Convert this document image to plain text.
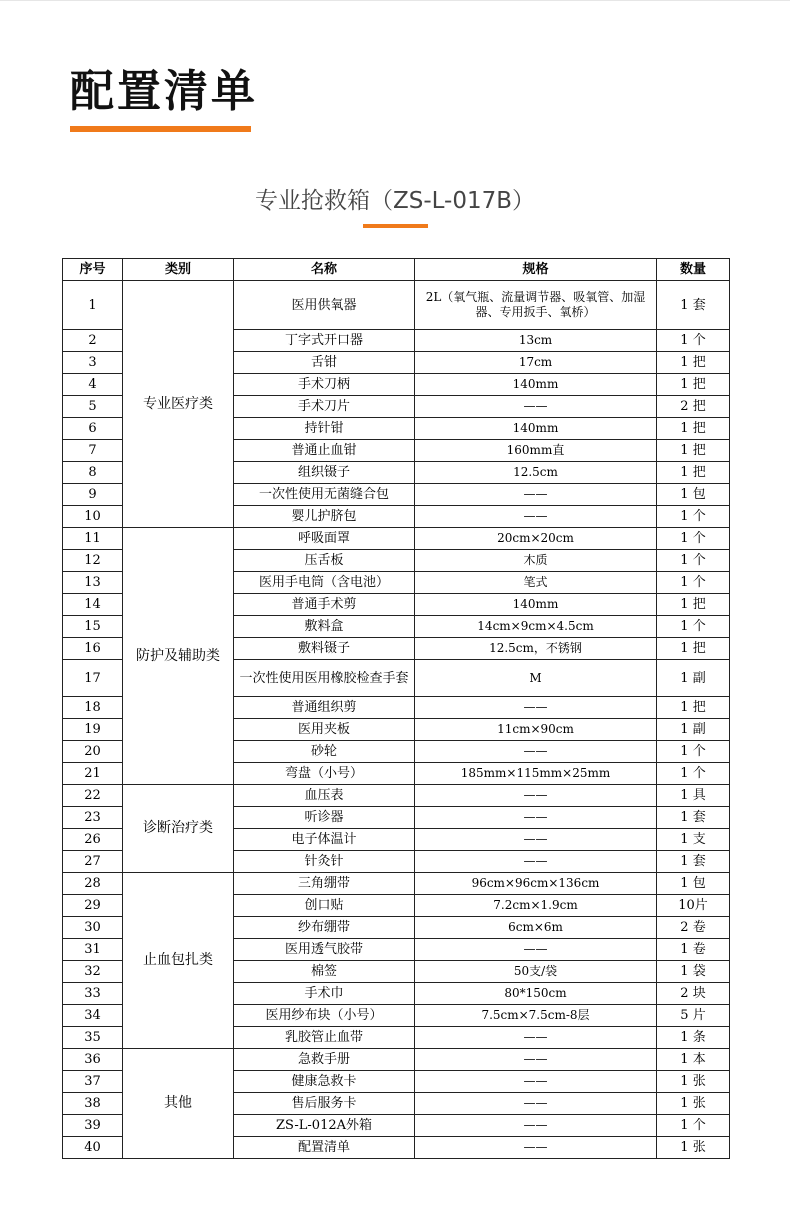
配置清单
专业抢救箱（ZS-L-017B）
序号	类别	名称	规格	数量
1	专业医疗类	医用供氧器	2L（氧气瓶、流量调节器、吸氧管、加湿器、专用扳手、氧桥）	1 套
2		丁字式开口器	13cm	1 个
3		舌钳	17cm	1 把
4		手术刀柄	140mm	1 把
5		手术刀片	——	2 把
6		持针钳	140mm	1 把
7		普通止血钳	160mm直	1 把
8		组织镊子	12.5cm	1 把
9		一次性使用无菌缝合包	——	1 包
10		婴儿护脐包	——	1 个
11	防护及辅助类	呼吸面罩	20cm×20cm	1 个
12		压舌板	木质	1 个
13		医用手电筒（含电池）	笔式	1 个
14		普通手术剪	140mm	1 把
15		敷料盒	14cm×9cm×4.5cm	1 个
16		敷料镊子	12.5cm，不锈钢	1 把
17		一次性使用医用橡胶检查手套	M	1 副
18		普通组织剪	——	1 把
19		医用夹板	11cm×90cm	1 副
20		砂轮	——	1 个
21		弯盘（小号）	185mm×115mm×25mm	1 个
22	诊断治疗类	血压表	——	1 具
23		听诊器	——	1 套
26		电子体温计	——	1 支
27		针灸针	——	1 套
28	止血包扎类	三角绷带	96cm×96cm×136cm	1 包
29		创口贴	7.2cm×1.9cm	10片
30		纱布绷带	6cm×6m	2 卷
31		医用透气胶带	——	1 卷
32		棉签	50支/袋	1 袋
33		手术巾	80*150cm	2 块
34		医用纱布块（小号）	7.5cm×7.5cm-8层	5 片
35		乳胶管止血带	——	1 条
36	其他	急救手册	——	1 本
37		健康急救卡	——	1 张
38		售后服务卡	——	1 张
39		ZS-L-012A外箱	——	1 个
40		配置清单	——	1 张
